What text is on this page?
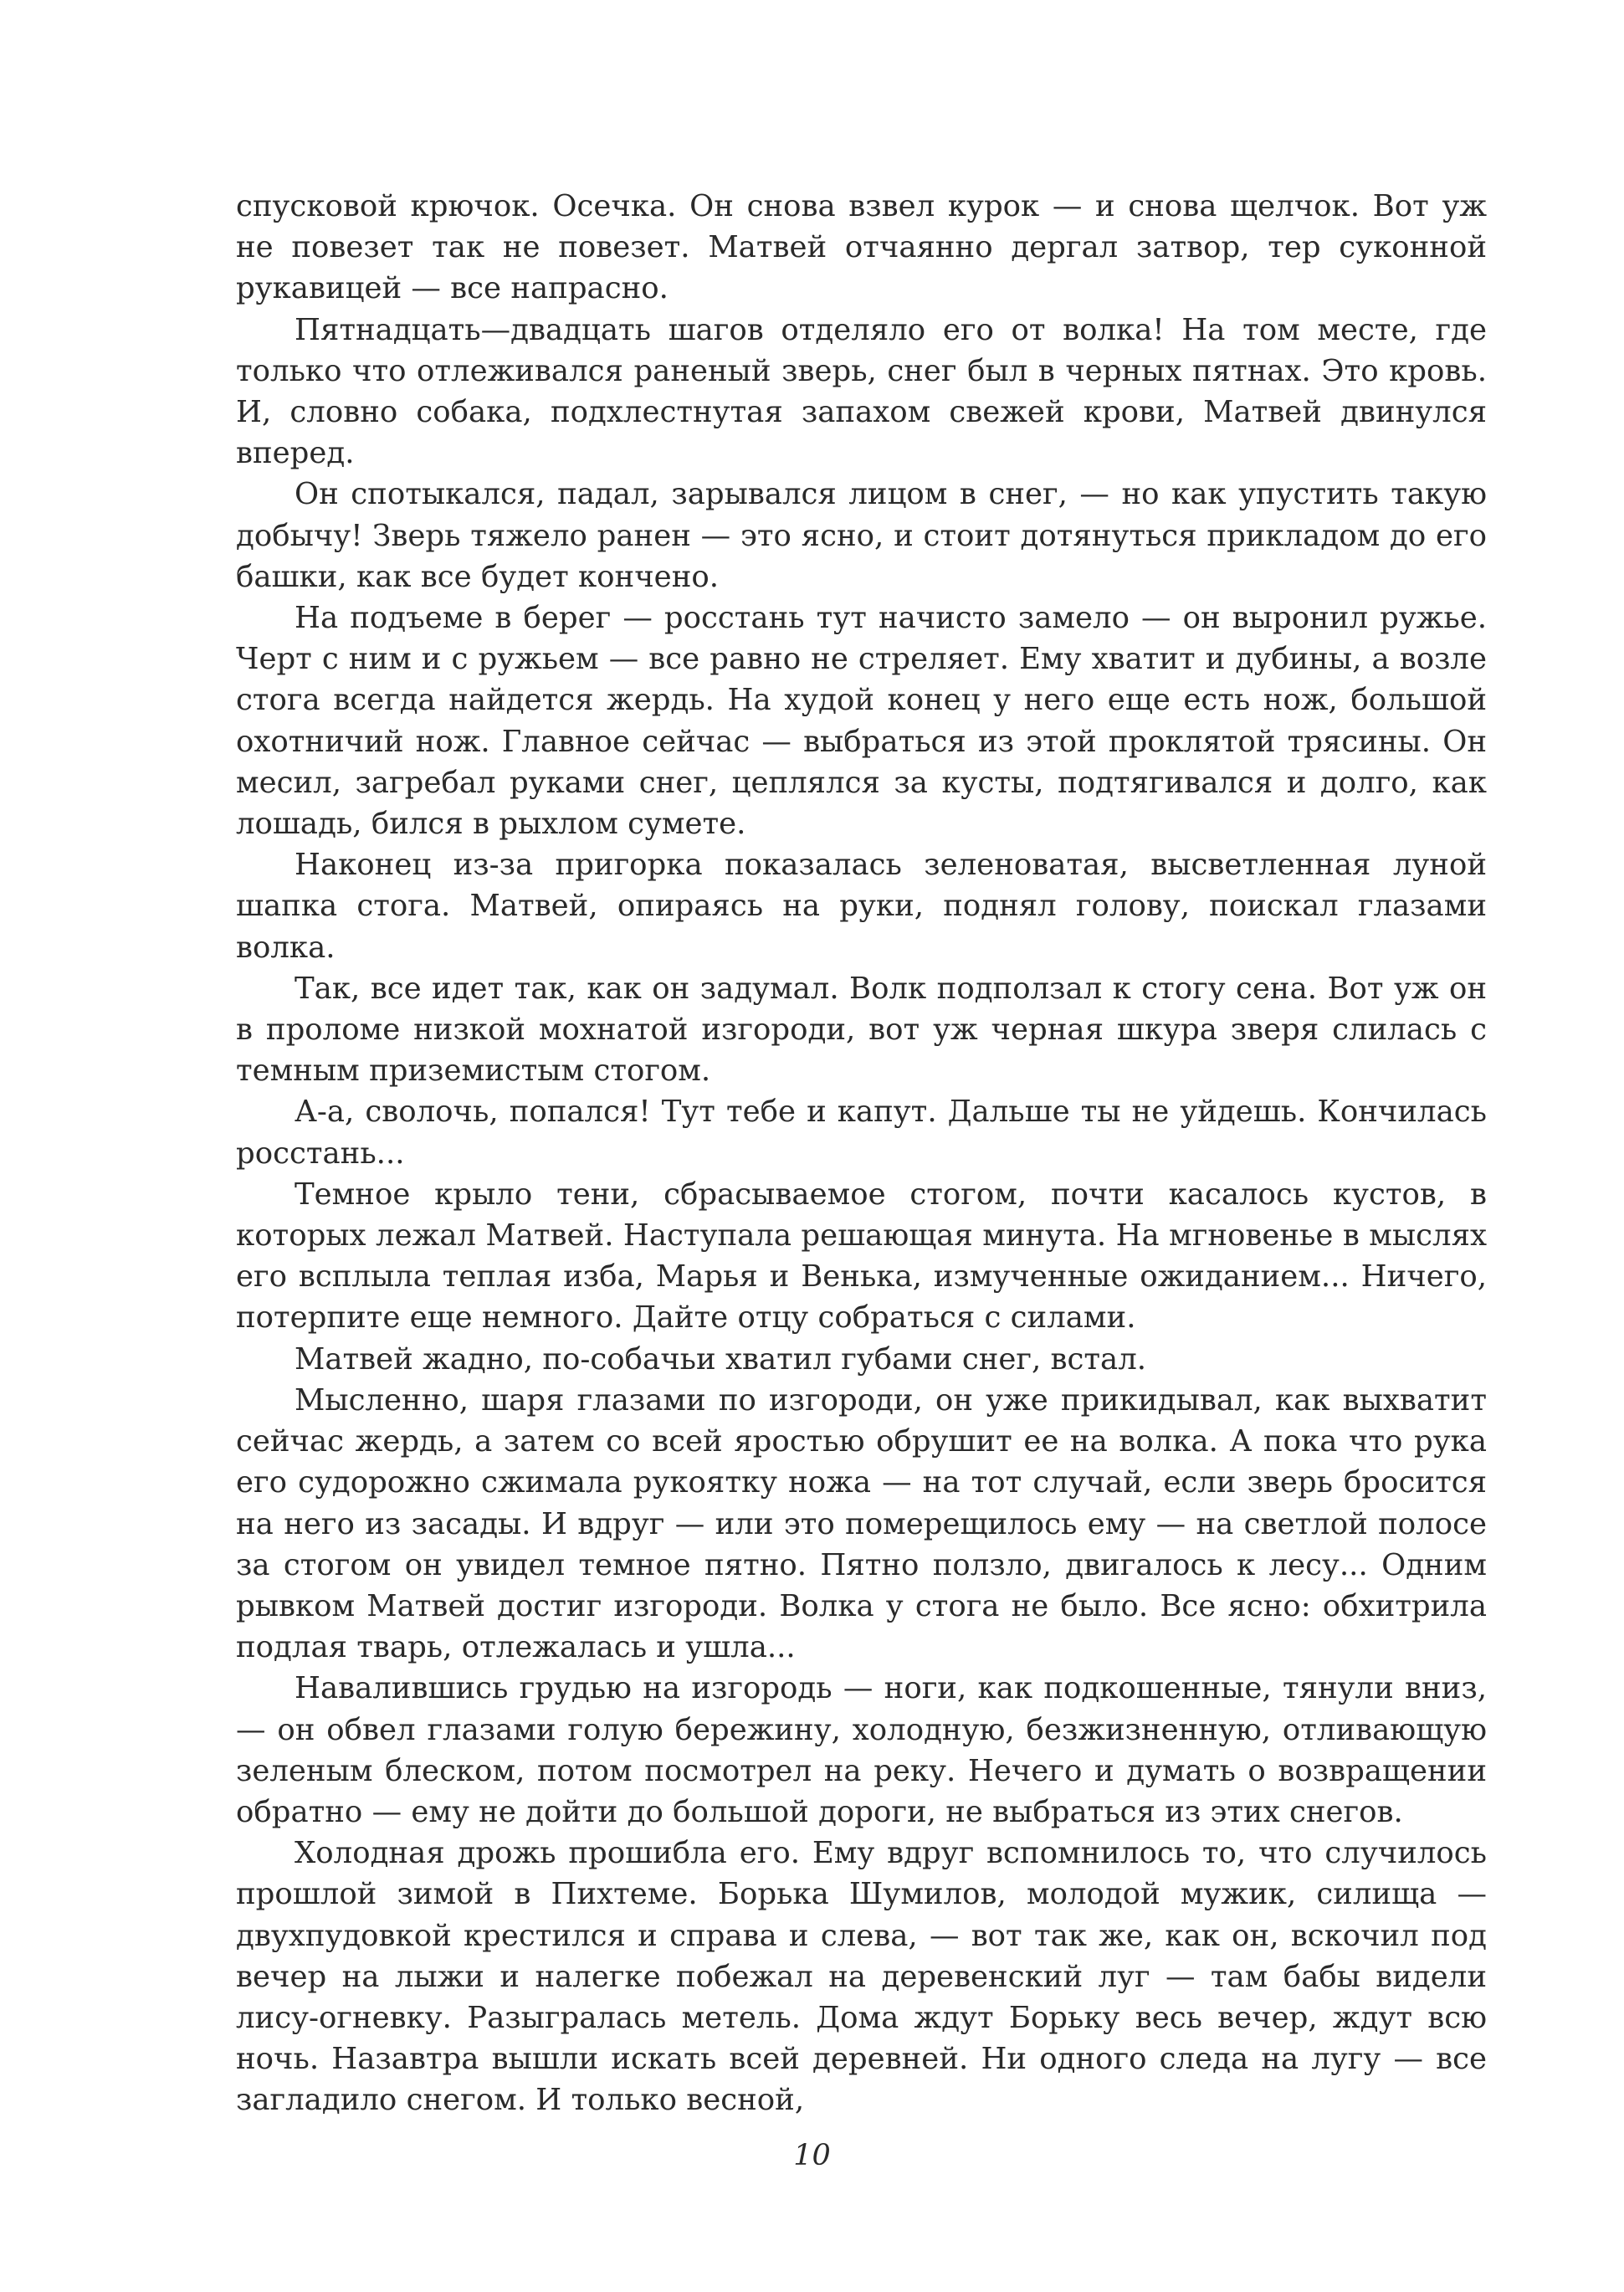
спусковой крючок. Осечка. Он снова взвел курок — и снова щелчок. Вот уж не повезет так не повезет. Матвей отчаянно дергал затвор, тер суконной рукавицей — все напрасно.

Пятнадцать—двадцать шагов отделяло его от волка! На том месте, где только что отлеживался раненый зверь, снег был в черных пятнах. Это кровь. И, словно собака, подхлестнутая запахом свежей крови, Матвей двинулся вперед.

Он спотыкался, падал, зарывался лицом в снег, — но как упустить такую добычу! Зверь тяжело ранен — это ясно, и стоит дотянуться прикладом до его башки, как все будет кончено.

На подъеме в берег — росстань тут начисто замело — он выронил ружье. Черт с ним и с ружьем — все равно не стреляет. Ему хватит и дубины, а возле стога всегда найдется жердь. На худой конец у него еще есть нож, большой охотничий нож. Главное сейчас — выбраться из этой проклятой трясины. Он месил, загребал руками снег, цеплялся за кусты, подтягивался и долго, как лошадь, бился в рыхлом сумете.

Наконец из-за пригорка показалась зеленоватая, высветленная луной шапка стога. Матвей, опираясь на руки, поднял голову, поискал глазами волка.

Так, все идет так, как он задумал. Волк подползал к стогу сена. Вот уж он в проломе низкой мохнатой изгороди, вот уж черная шкура зверя слилась с темным приземистым стогом.

А-а, сволочь, попался! Тут тебе и капут. Дальше ты не уйдешь. Кончилась росстань...

Темное крыло тени, сбрасываемое стогом, почти касалось кустов, в которых лежал Матвей. Наступала решающая минута. На мгновенье в мыслях его всплыла теплая изба, Марья и Венька, измученные ожиданием... Ничего, потерпите еще немного. Дайте отцу собраться с силами.

Матвей жадно, по-собачьи хватил губами снег, встал.

Мысленно, шаря глазами по изгороди, он уже прикидывал, как выхватит сейчас жердь, а затем со всей яростью обрушит ее на волка. А пока что рука его судорожно сжимала рукоятку ножа — на тот случай, если зверь бросится на него из засады. И вдруг — или это померещилось ему — на светлой полосе за стогом он увидел темное пятно. Пятно ползло, двигалось к лесу... Одним рывком Матвей достиг изгороди. Волка у стога не было. Все ясно: обхитрила подлая тварь, отлежалась и ушла...

Навалившись грудью на изгородь — ноги, как подкошенные, тянули вниз, — он обвел глазами голую бережину, холодную, безжизненную, отливающую зеленым блеском, потом посмотрел на реку. Нечего и думать о возвращении обратно — ему не дойти до большой дороги, не выбраться из этих снегов.

Холодная дрожь прошибла его. Ему вдруг вспомнилось то, что случилось прошлой зимой в Пихтеме. Борька Шумилов, молодой мужик, силища — двухпудовкой крестился и справа и слева, — вот так же, как он, вскочил под вечер на лыжи и налегке побежал на деревенский луг — там бабы видели лису-огневку. Разыгралась метель. Дома ждут Борьку весь вечер, ждут всю ночь. Назавтра вышли искать всей деревней. Ни одного следа на лугу — все загладило снегом. И только весной,

10
